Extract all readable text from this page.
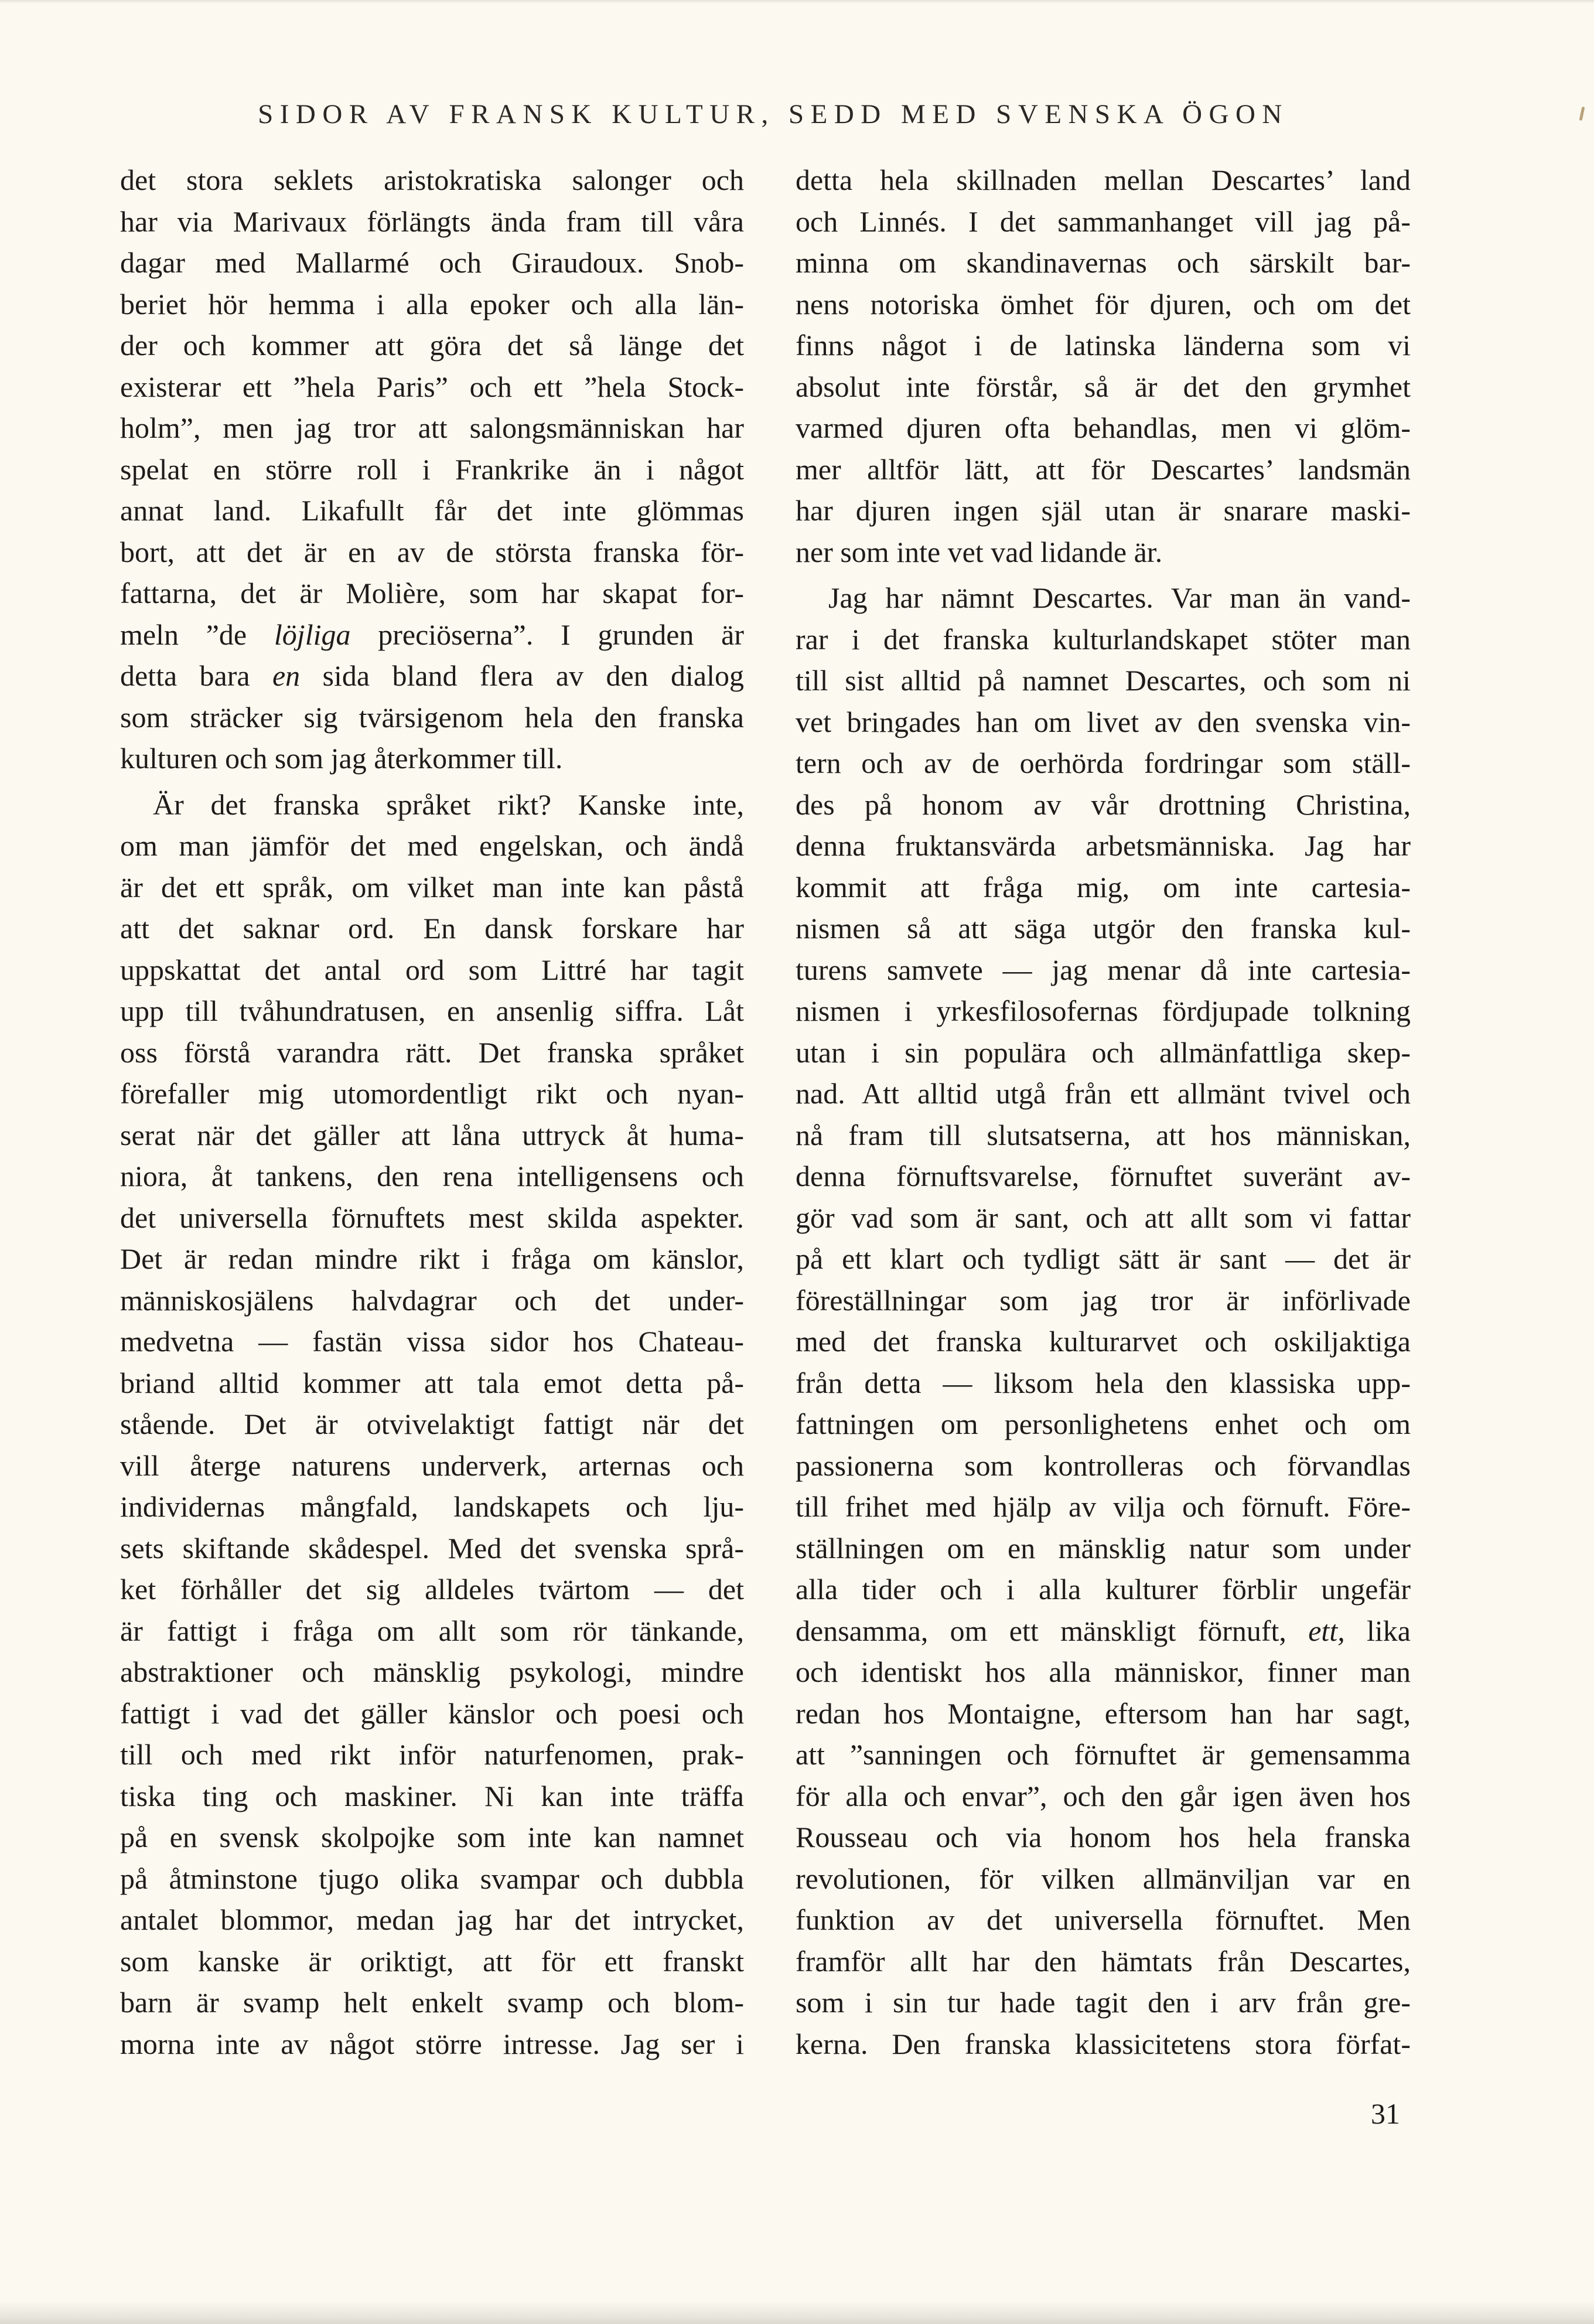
SIDOR AV FRANSK KULTUR, SEDD MED SVENSKA ÖGON
det stora seklets aristokratiska salonger och
har via Marivaux förlängts ända fram till våra
dagar med Mallarmé och Giraudoux. Snob-
beriet hör hemma i alla epoker och alla län-
der och kommer att göra det så länge det
existerar ett ”hela Paris” och ett ”hela Stock-
holm”, men jag tror att salongsmänniskan har
spelat en större roll i Frankrike än i något
annat land. Likafullt får det inte glömmas
bort, att det är en av de största franska för-
fattarna, det är Molière, som har skapat for-
meln ”de löjliga preciöserna”. I grunden är
detta bara en sida bland flera av den dialog
som sträcker sig tvärsigenom hela den franska
kulturen och som jag återkommer till.
Är det franska språket rikt? Kanske inte,
om man jämför det med engelskan, och ändå
är det ett språk, om vilket man inte kan påstå
att det saknar ord. En dansk forskare har
uppskattat det antal ord som Littré har tagit
upp till tvåhundratusen, en ansenlig siffra. Låt
oss förstå varandra rätt. Det franska språket
förefaller mig utomordentligt rikt och nyan-
serat när det gäller att låna uttryck åt huma-
niora, åt tankens, den rena intelligensens och
det universella förnuftets mest skilda aspekter.
Det är redan mindre rikt i fråga om känslor,
människosjälens halvdagrar och det under-
medvetna — fastän vissa sidor hos Chateau-
briand alltid kommer att tala emot detta på-
stående. Det är otvivelaktigt fattigt när det
vill återge naturens underverk, arternas och
individernas mångfald, landskapets och lju-
sets skiftande skådespel. Med det svenska språ-
ket förhåller det sig alldeles tvärtom — det
är fattigt i fråga om allt som rör tänkande,
abstraktioner och mänsklig psykologi, mindre
fattigt i vad det gäller känslor och poesi och
till och med rikt inför naturfenomen, prak-
tiska ting och maskiner. Ni kan inte träffa
på en svensk skolpojke som inte kan namnet
på åtminstone tjugo olika svampar och dubbla
antalet blommor, medan jag har det intrycket,
som kanske är oriktigt, att för ett franskt
barn är svamp helt enkelt svamp och blom-
morna inte av något större intresse. Jag ser i
detta hela skillnaden mellan Descartes’ land
och Linnés. I det sammanhanget vill jag på-
minna om skandinavernas och särskilt bar-
nens notoriska ömhet för djuren, och om det
finns något i de latinska länderna som vi
absolut inte förstår, så är det den grymhet
varmed djuren ofta behandlas, men vi glöm-
mer alltför lätt, att för Descartes’ landsmän
har djuren ingen själ utan är snarare maski-
ner som inte vet vad lidande är.
Jag har nämnt Descartes. Var man än vand-
rar i det franska kulturlandskapet stöter man
till sist alltid på namnet Descartes, och som ni
vet bringades han om livet av den svenska vin-
tern och av de oerhörda fordringar som ställ-
des på honom av vår drottning Christina,
denna fruktansvärda arbetsmänniska. Jag har
kommit att fråga mig, om inte cartesia-
nismen så att säga utgör den franska kul-
turens samvete — jag menar då inte cartesia-
nismen i yrkesfilosofernas fördjupade tolkning
utan i sin populära och allmänfattliga skep-
nad. Att alltid utgå från ett allmänt tvivel och
nå fram till slutsatserna, att hos människan,
denna förnuftsvarelse, förnuftet suveränt av-
gör vad som är sant, och att allt som vi fattar
på ett klart och tydligt sätt är sant — det är
föreställningar som jag tror är införlivade
med det franska kulturarvet och oskiljaktiga
från detta — liksom hela den klassiska upp-
fattningen om personlighetens enhet och om
passionerna som kontrolleras och förvandlas
till frihet med hjälp av vilja och förnuft. Före-
ställningen om en mänsklig natur som under
alla tider och i alla kulturer förblir ungefär
densamma, om ett mänskligt förnuft, ett, lika
och identiskt hos alla människor, finner man
redan hos Montaigne, eftersom han har sagt,
att ”sanningen och förnuftet är gemensamma
för alla och envar”, och den går igen även hos
Rousseau och via honom hos hela franska
revolutionen, för vilken allmänviljan var en
funktion av det universella förnuftet. Men
framför allt har den hämtats från Descartes,
som i sin tur hade tagit den i arv från gre-
kerna. Den franska klassicitetens stora förfat-
31
